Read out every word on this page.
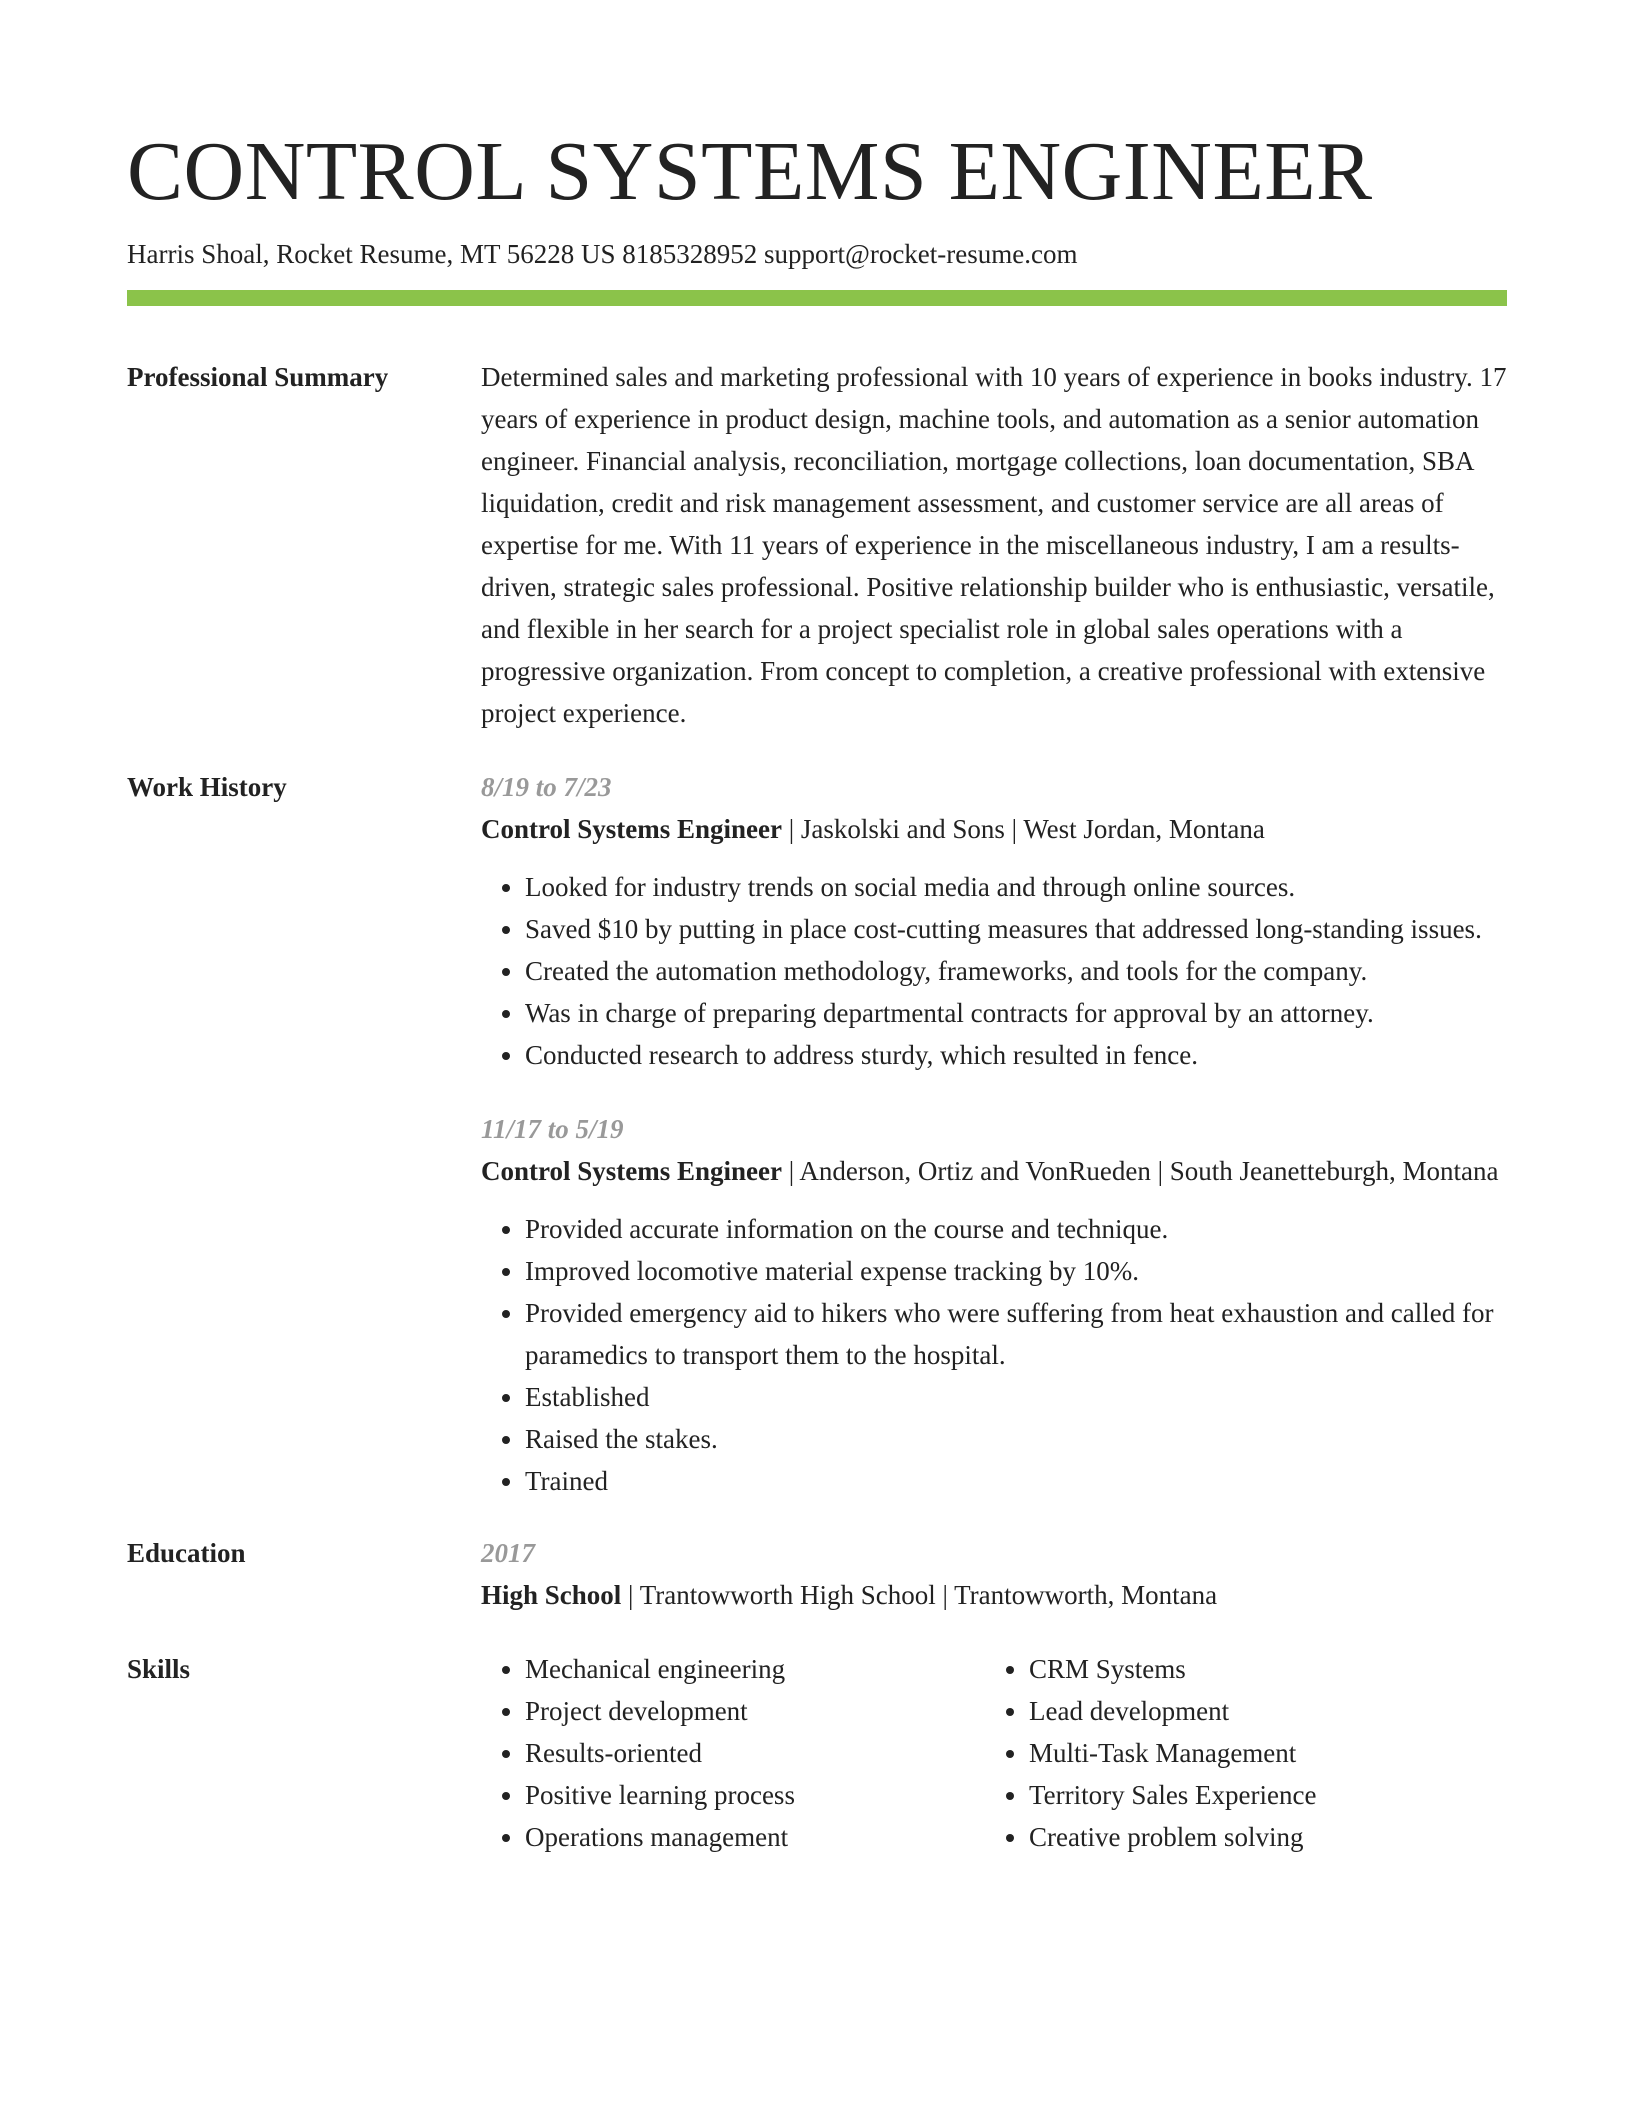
CONTROL SYSTEMS ENGINEER
Harris Shoal, Rocket Resume, MT 56228 US 8185328952 support@rocket-resume.com
Professional Summary	Determined sales and marketing professional with 10 years of experience in books industry. 17 years of experience in product design, machine tools, and automation as a senior automation engineer. Financial analysis, reconciliation, mortgage collections, loan documentation, SBA liquidation, credit and risk management assessment, and customer service are all areas of expertise for me. With 11 years of experience in the miscellaneous industry, I am a results-driven, strategic sales professional. Positive relationship builder who is enthusiastic, versatile, and flexible in her search for a project specialist role in global sales operations with a progressive organization. From concept to completion, a creative professional with extensive project experience.
Work History	8/19 to 7/23
Control Systems Engineer | Jaskolski and Sons | West Jordan, Montana
• Looked for industry trends on social media and through online sources.
• Saved $10 by putting in place cost-cutting measures that addressed long-standing issues.
• Created the automation methodology, frameworks, and tools for the company.
• Was in charge of preparing departmental contracts for approval by an attorney.
• Conducted research to address sturdy, which resulted in fence.
11/17 to 5/19
Control Systems Engineer | Anderson, Ortiz and VonRueden | South Jeanetteburgh, Montana
• Provided accurate information on the course and technique.
• Improved locomotive material expense tracking by 10%.
• Provided emergency aid to hikers who were suffering from heat exhaustion and called for paramedics to transport them to the hospital.
• Established
• Raised the stakes.
• Trained
Education	2017
High School | Trantowworth High School | Trantowworth, Montana
Skills
•	Mechanical engineering
• Project development
• Results-oriented
• Positive learning process
• Operations management
• CRM Systems
• Lead development
• Multi-Task Management
• Territory Sales Experience
• Creative problem solving
